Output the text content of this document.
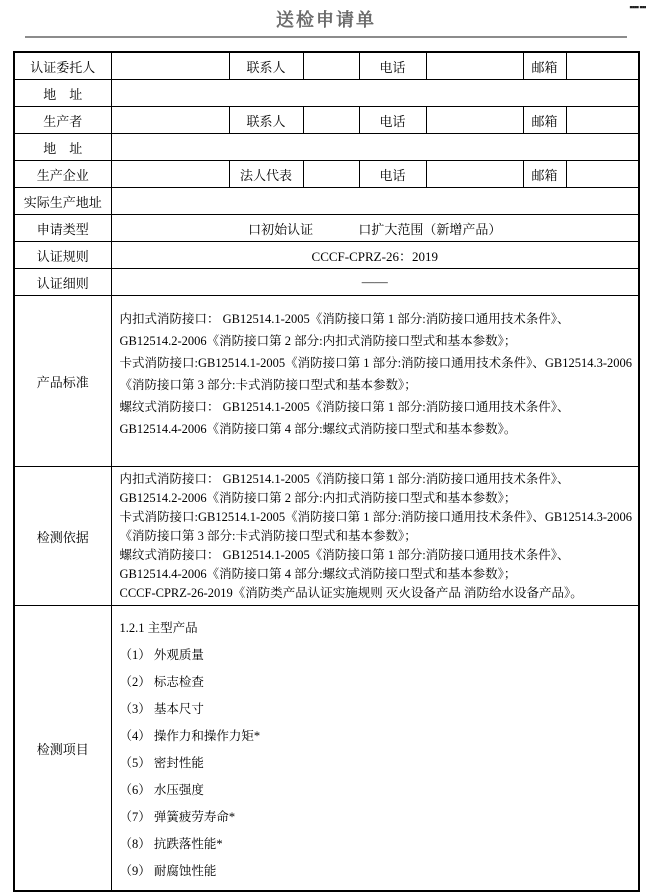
▪▪▪▪ ▪▪▪
送检申请单
认证委托人		联系人		电话		邮箱	
地　址							
生产者		联系人		电话		邮箱	
地　址							
生产企业		法人代表		电话		邮箱	
实际生产地址							
申请类型	口初始认证 口扩大范围（新增产品）						
认证规则	CCCF-CPRZ-26：2019						
认证细则	——						
产品标准	
内扣式消防接口： GB12514.1-2005《消防接口第 1 部分:消防接口通用技术条件》、
GB12514.2-2006《消防接口第 2 部分:内扣式消防接口型式和基本参数》；
卡式消防接口:GB12514.1-2005《消防接口第 1 部分:消防接口通用技术条件》、GB12514.3-2006
《消防接口第 3 部分:卡式消防接口型式和基本参数》；
螺纹式消防接口： GB12514.1-2005《消防接口第 1 部分:消防接口通用技术条件》、
GB12514.4-2006《消防接口第 4 部分:螺纹式消防接口型式和基本参数》。

检测依据	
内扣式消防接口： GB12514.1-2005《消防接口第 1 部分:消防接口通用技术条件》、
GB12514.2-2006《消防接口第 2 部分:内扣式消防接口型式和基本参数》；
卡式消防接口:GB12514.1-2005《消防接口第 1 部分:消防接口通用技术条件》、GB12514.3-2006
《消防接口第 3 部分:卡式消防接口型式和基本参数》；
螺纹式消防接口： GB12514.1-2005《消防接口第 1 部分:消防接口通用技术条件》、
GB12514.4-2006《消防接口第 4 部分:螺纹式消防接口型式和基本参数》；
CCCF-CPRZ-26-2019《消防类产品认证实施规则 灭火设备产品 消防给水设备产品》。

检测项目	
1.2.1 主型产品
（1） 外观质量
（2） 标志检查
（3） 基本尺寸
（4） 操作力和操作力矩*
（5） 密封性能
（6） 水压强度
（7） 弹簧疲劳寿命*
（8） 抗跌落性能*
（9） 耐腐蚀性能
